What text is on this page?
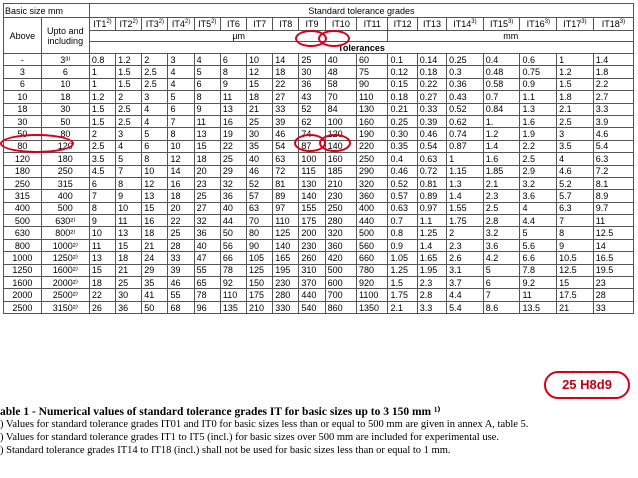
Basic size mm		Standard tolerance grades																	
Above	Upto and including	IT1$^{2)}$	IT2$^{2)}$	IT3$^{2)}$	IT4$^{2)}$	IT5$^{2)}$	IT6	IT7	IT8	IT9	IT10	IT11	IT12	IT13	IT14$^{3)}$	IT15$^{3)}$	IT16$^{3)}$	IT17$^{3)}$	IT18$^{3)}$
		µm											mm						
		Tolerances																	
-	3³⁾	0.8	1.2	2	3	4	6	10	14	25	40	60	0.1	0.14	0.25	0.4	0.6	1	1.4
3	6	1	1.5	2.5	4	5	8	12	18	30	48	75	0.12	0.18	0.3	0.48	0.75	1.2	1.8
6	10	1	1.5	2.5	4	6	9	15	22	36	58	90	0.15	0.22	0.36	0.58	0.9	1.5	2.2
10	18	1.2	2	3	5	8	11	18	27	43	70	110	0.18	0.27	0.43	0.7	1.1	1.8	2.7
18	30	1.5	2.5	4	6	9	13	21	33	52	84	130	0.21	0.33	0.52	0.84	1.3	2.1	3.3
30	50	1.5	2.5	4	7	11	16	25	39	62	100	160	0.25	0.39	0.62	1.	1.6	2.5	3.9
50	80	2	3	5	8	13	19	30	46	74	120	190	0.30	0.46	0.74	1.2	1.9	3	4.6
80	120	2.5	4	6	10	15	22	35	54	87	140	220	0.35	0.54	0.87	1.4	2.2	3.5	5.4
120	180	3.5	5	8	12	18	25	40	63	100	160	250	0.4	0.63	1	1.6	2.5	4	6.3
180	250	4.5	7	10	14	20	29	46	72	115	185	290	0.46	0.72	1.15	1.85	2.9	4.6	7.2
250	315	6	8	12	16	23	32	52	81	130	210	320	0.52	0.81	1.3	2.1	3.2	5.2	8.1
315	400	7	9	13	18	25	36	57	89	140	230	360	0.57	0.89	1.4	2.3	3.6	5.7	8.9
400	500	8	10	15	20	27	40	63	97	155	250	400	0.63	0.97	1.55	2.5	4	6.3	9.7
500	630²⁾	9	11	16	22	32	44	70	110	175	280	440	0.7	1.1	1.75	2.8	4.4	7	11
630	800²⁾	10	13	18	25	36	50	80	125	200	320	500	0.8	1.25	2	3.2	5	8	12.5
800	1000²⁾	11	15	21	28	40	56	90	140	230	360	560	0.9	1.4	2.3	3.6	5.6	9	14
1000	1250²⁾	13	18	24	33	47	66	105	165	260	420	660	1.05	1.65	2.6	4.2	6.6	10.5	16.5
1250	1600²⁾	15	21	29	39	55	78	125	195	310	500	780	1.25	1.95	3.1	5	7.8	12.5	19.5
1600	2000²⁾	18	25	35	46	65	92	150	230	370	600	920	1.5	2.3	3.7	6	9.2	15	23
2000	2500²⁾	22	30	41	55	78	110	175	280	440	700	1100	1.75	2.8	4.4	7	11	17.5	28
2500	3150²⁾	26	36	50	68	96	135	210	330	540	860	1350	2.1	3.3	5.4	8.6	13.5	21	33
25 H8d9
able 1 - Numerical values of standard tolerance grades IT for basic sizes up to 3 150 mm ¹⁾
) Values for standard tolerance grades IT01 and IT0 for basic sizes less than or equal to 500 mm are given in annex A, table 5.
) Values for standard tolerance grades IT1 to IT5 (incl.) for basic sizes over 500 mm are included for experimental use.
) Standard tolerance grades IT14 to IT18 (incl.) shall not be used for basic sizes less than or equal to 1 mm.
